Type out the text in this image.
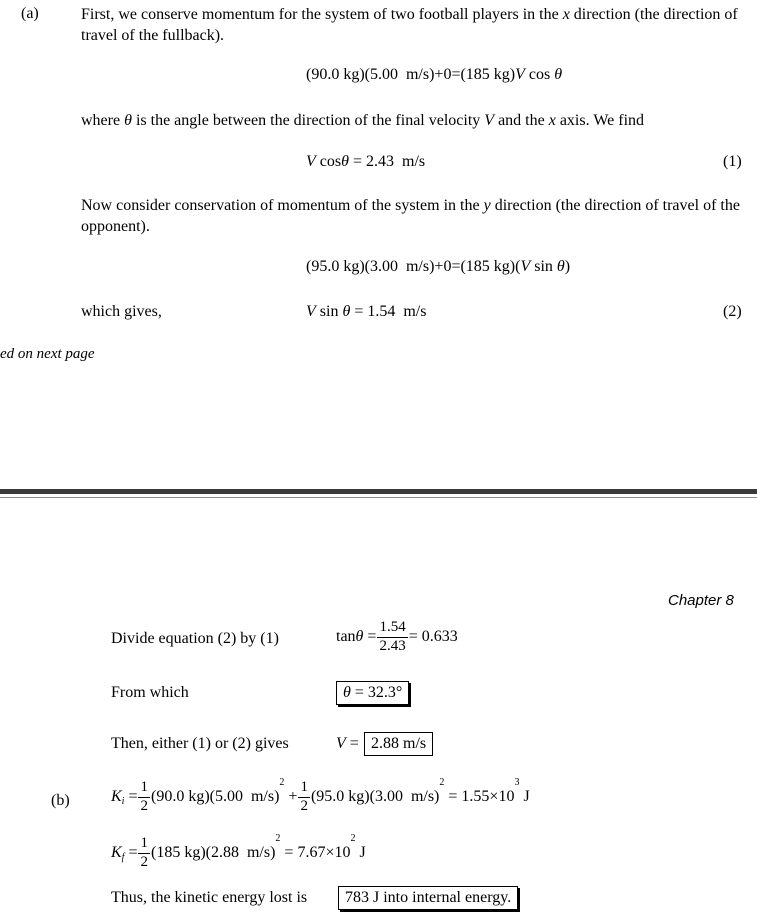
(a)	First, we conserve momentum for the system of two football players in the x direction (the direction of travel of the fullback).
(90.0 kg)(5.00  m/s)+0=(185 kg)V cos θ
where θ is the angle between the direction of the final velocity V and the x axis. We find
V cosθ = 2.43  m/s	(1)
Now consider conservation of momentum of the system in the y direction (the direction of travel of the opponent).
(95.0 kg)(3.00  m/s)+0=(185 kg)(V sin θ)
which gives,	V sin θ = 1.54  m/s	(2)
ed on next page
Chapter 8
Divide equation (2) by (1)	$\tan\theta = \frac{1.54}{2.43} = 0.633$
From which	θ = 32.3°
Then, either (1) or (2) gives	V = 2.88 m/s
(b)	$K_i = \frac{1}{2} (90.0$ kg)(5.00  $m/s)^2 + \frac{1}{2} (95.0$ kg)(3.00  $m/s)^2 = 1.55\times 10^3$ J
$K_f = \frac{1}{2} (185$ kg)(2.88  $m/s)^2 = 7.67\times 10^2$ J
Thus, the kinetic energy lost is	783 J into internal energy.
